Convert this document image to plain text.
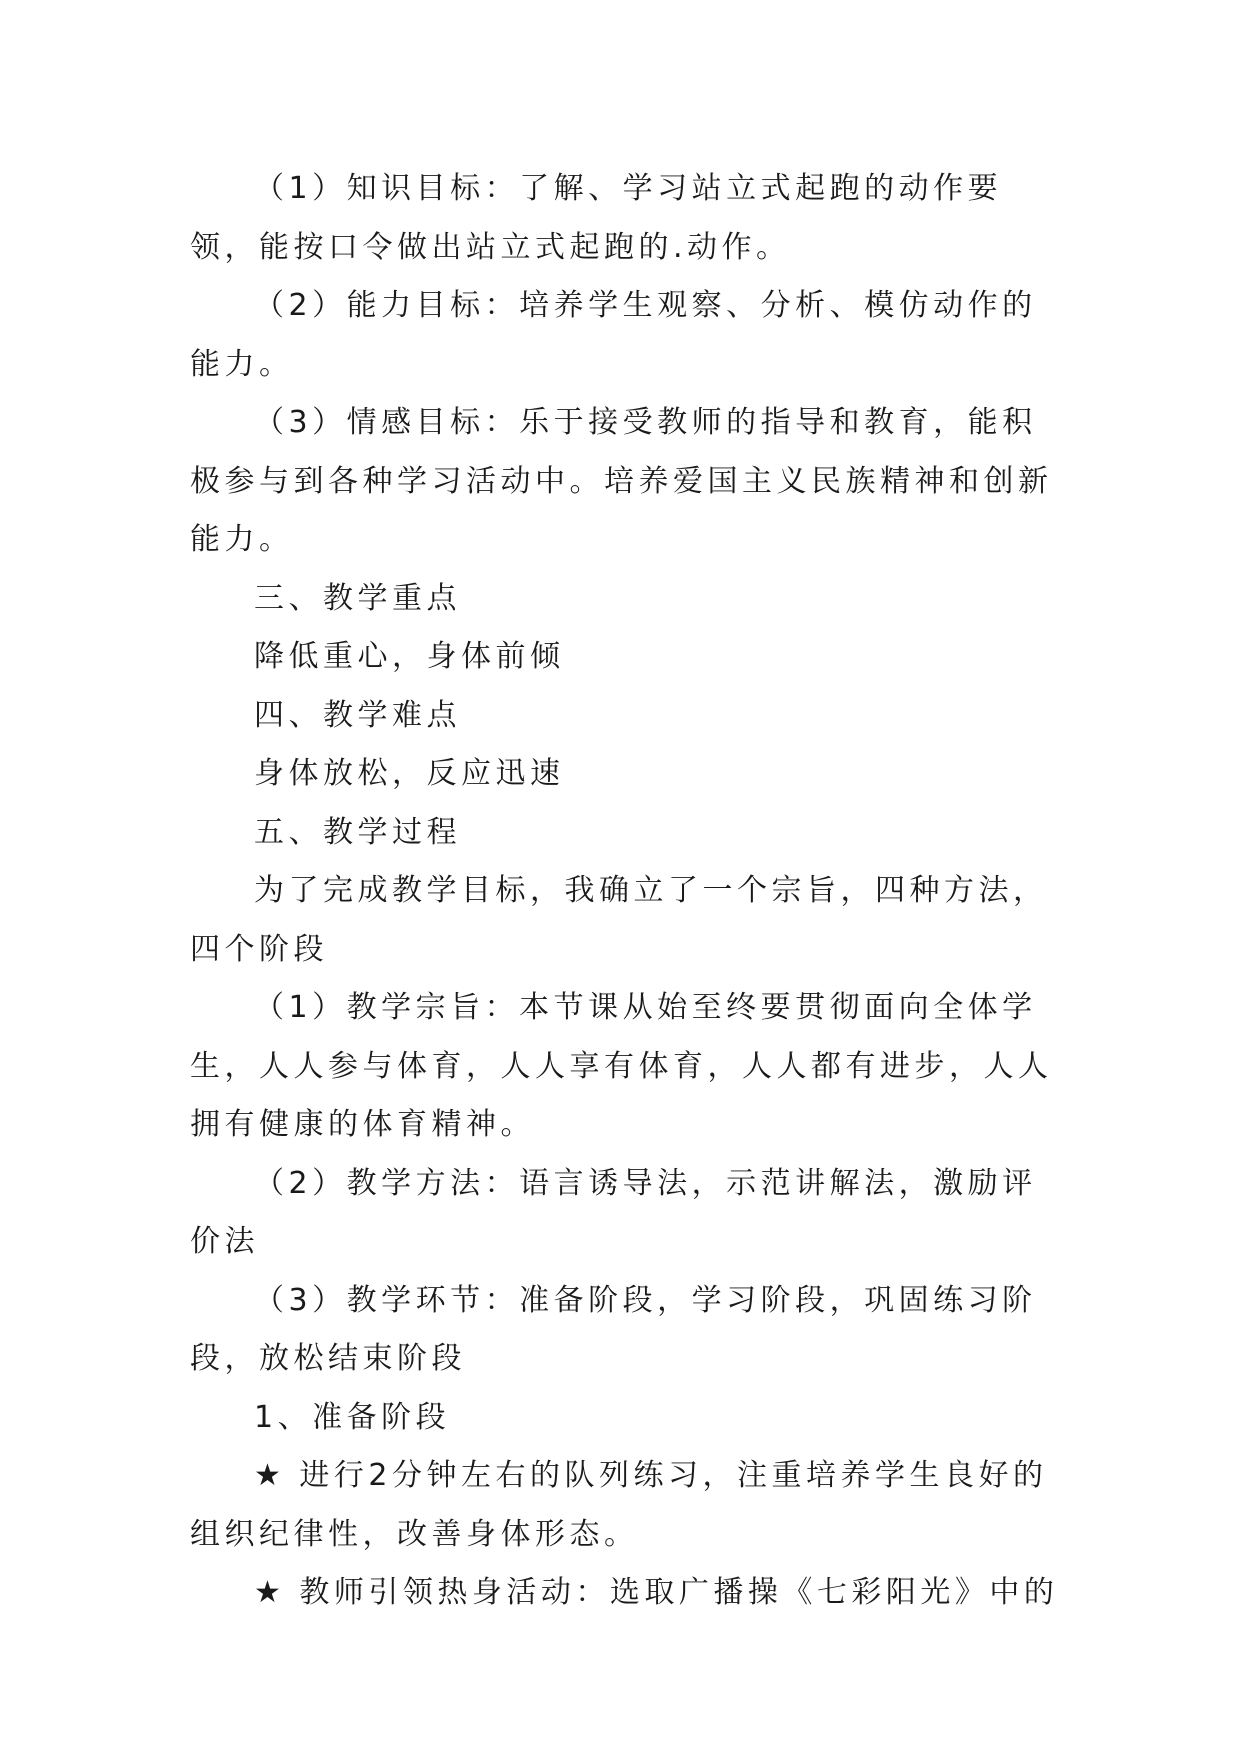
（1）知识目标：了解、学习站立式起跑的动作要领，能按口令做出站立式起跑的.动作。

（2）能力目标：培养学生观察、分析、模仿动作的能力。

（3）情感目标：乐于接受教师的指导和教育，能积极参与到各种学习活动中。培养爱国主义民族精神和创新能力。

三、教学重点

降低重心，身体前倾

四、教学难点

身体放松，反应迅速

五、教学过程

为了完成教学目标，我确立了一个宗旨，四种方法，四个阶段

（1）教学宗旨：本节课从始至终要贯彻面向全体学生，人人参与体育，人人享有体育，人人都有进步，人人拥有健康的体育精神。

（2）教学方法：语言诱导法，示范讲解法，激励评价法

（3）教学环节：准备阶段，学习阶段，巩固练习阶段，放松结束阶段

1、准备阶段

★ 进行2分钟左右的队列练习，注重培养学生良好的组织纪律性，改善身体形态。

★ 教师引领热身活动：选取广播操《七彩阳光》中的
